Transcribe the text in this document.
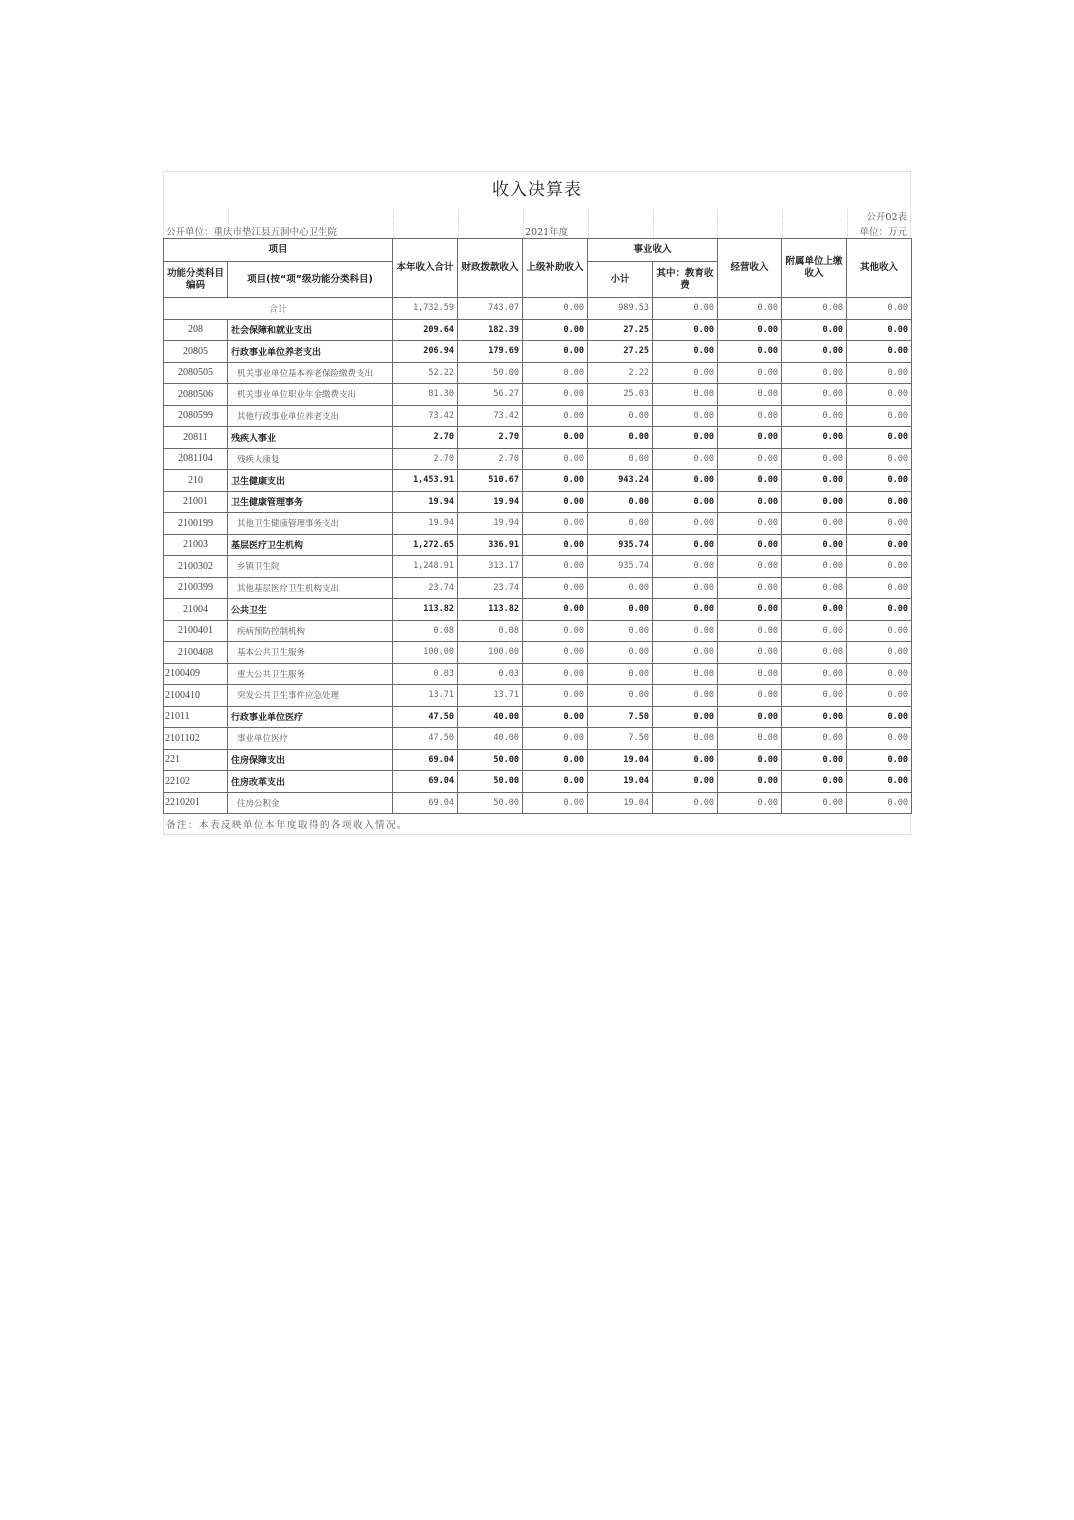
收入决算表
公开02表
公开单位：重庆市垫江县五洞中心卫生院	2021年度	单位：万元
项目		本年收入合计	财政拨款收入	上级补助收入	事业收入		经营收入	附属单位上缴收入	其他收入
功能分类科目编码	项目(按“项”级功能分类科目)								
					小计	其中：教育收费			
合计		1,732.59	743.07	0.00	989.53	0.00	0.00	0.00	0.00
208	社会保障和就业支出	209.64	182.39	0.00	27.25	0.00	0.00	0.00	0.00
20805	行政事业单位养老支出	206.94	179.69	0.00	27.25	0.00	0.00	0.00	0.00
2080505	机关事业单位基本养老保险缴费支出	52.22	50.00	0.00	2.22	0.00	0.00	0.00	0.00
2080506	机关事业单位职业年金缴费支出	81.30	56.27	0.00	25.03	0.00	0.00	0.00	0.00
2080599	其他行政事业单位养老支出	73.42	73.42	0.00	0.00	0.00	0.00	0.00	0.00
20811	残疾人事业	2.70	2.70	0.00	0.00	0.00	0.00	0.00	0.00
2081104	残疾人康复	2.70	2.70	0.00	0.00	0.00	0.00	0.00	0.00
210	卫生健康支出	1,453.91	510.67	0.00	943.24	0.00	0.00	0.00	0.00
21001	卫生健康管理事务	19.94	19.94	0.00	0.00	0.00	0.00	0.00	0.00
2100199	其他卫生健康管理事务支出	19.94	19.94	0.00	0.00	0.00	0.00	0.00	0.00
21003	基层医疗卫生机构	1,272.65	336.91	0.00	935.74	0.00	0.00	0.00	0.00
2100302	乡镇卫生院	1,248.91	313.17	0.00	935.74	0.00	0.00	0.00	0.00
2100399	其他基层医疗卫生机构支出	23.74	23.74	0.00	0.00	0.00	0.00	0.00	0.00
21004	公共卫生	113.82	113.82	0.00	0.00	0.00	0.00	0.00	0.00
2100401	疾病预防控制机构	0.08	0.08	0.00	0.00	0.00	0.00	0.00	0.00
2100408	基本公共卫生服务	100.00	100.00	0.00	0.00	0.00	0.00	0.00	0.00
2100409	重大公共卫生服务	0.03	0.03	0.00	0.00	0.00	0.00	0.00	0.00
2100410	突发公共卫生事件应急处理	13.71	13.71	0.00	0.00	0.00	0.00	0.00	0.00
21011	行政事业单位医疗	47.50	40.00	0.00	7.50	0.00	0.00	0.00	0.00
2101102	事业单位医疗	47.50	40.00	0.00	7.50	0.00	0.00	0.00	0.00
221	住房保障支出	69.04	50.00	0.00	19.04	0.00	0.00	0.00	0.00
22102	住房改革支出	69.04	50.00	0.00	19.04	0.00	0.00	0.00	0.00
2210201	住房公积金	69.04	50.00	0.00	19.04	0.00	0.00	0.00	0.00
备注：本表反映单位本年度取得的各项收入情况。
